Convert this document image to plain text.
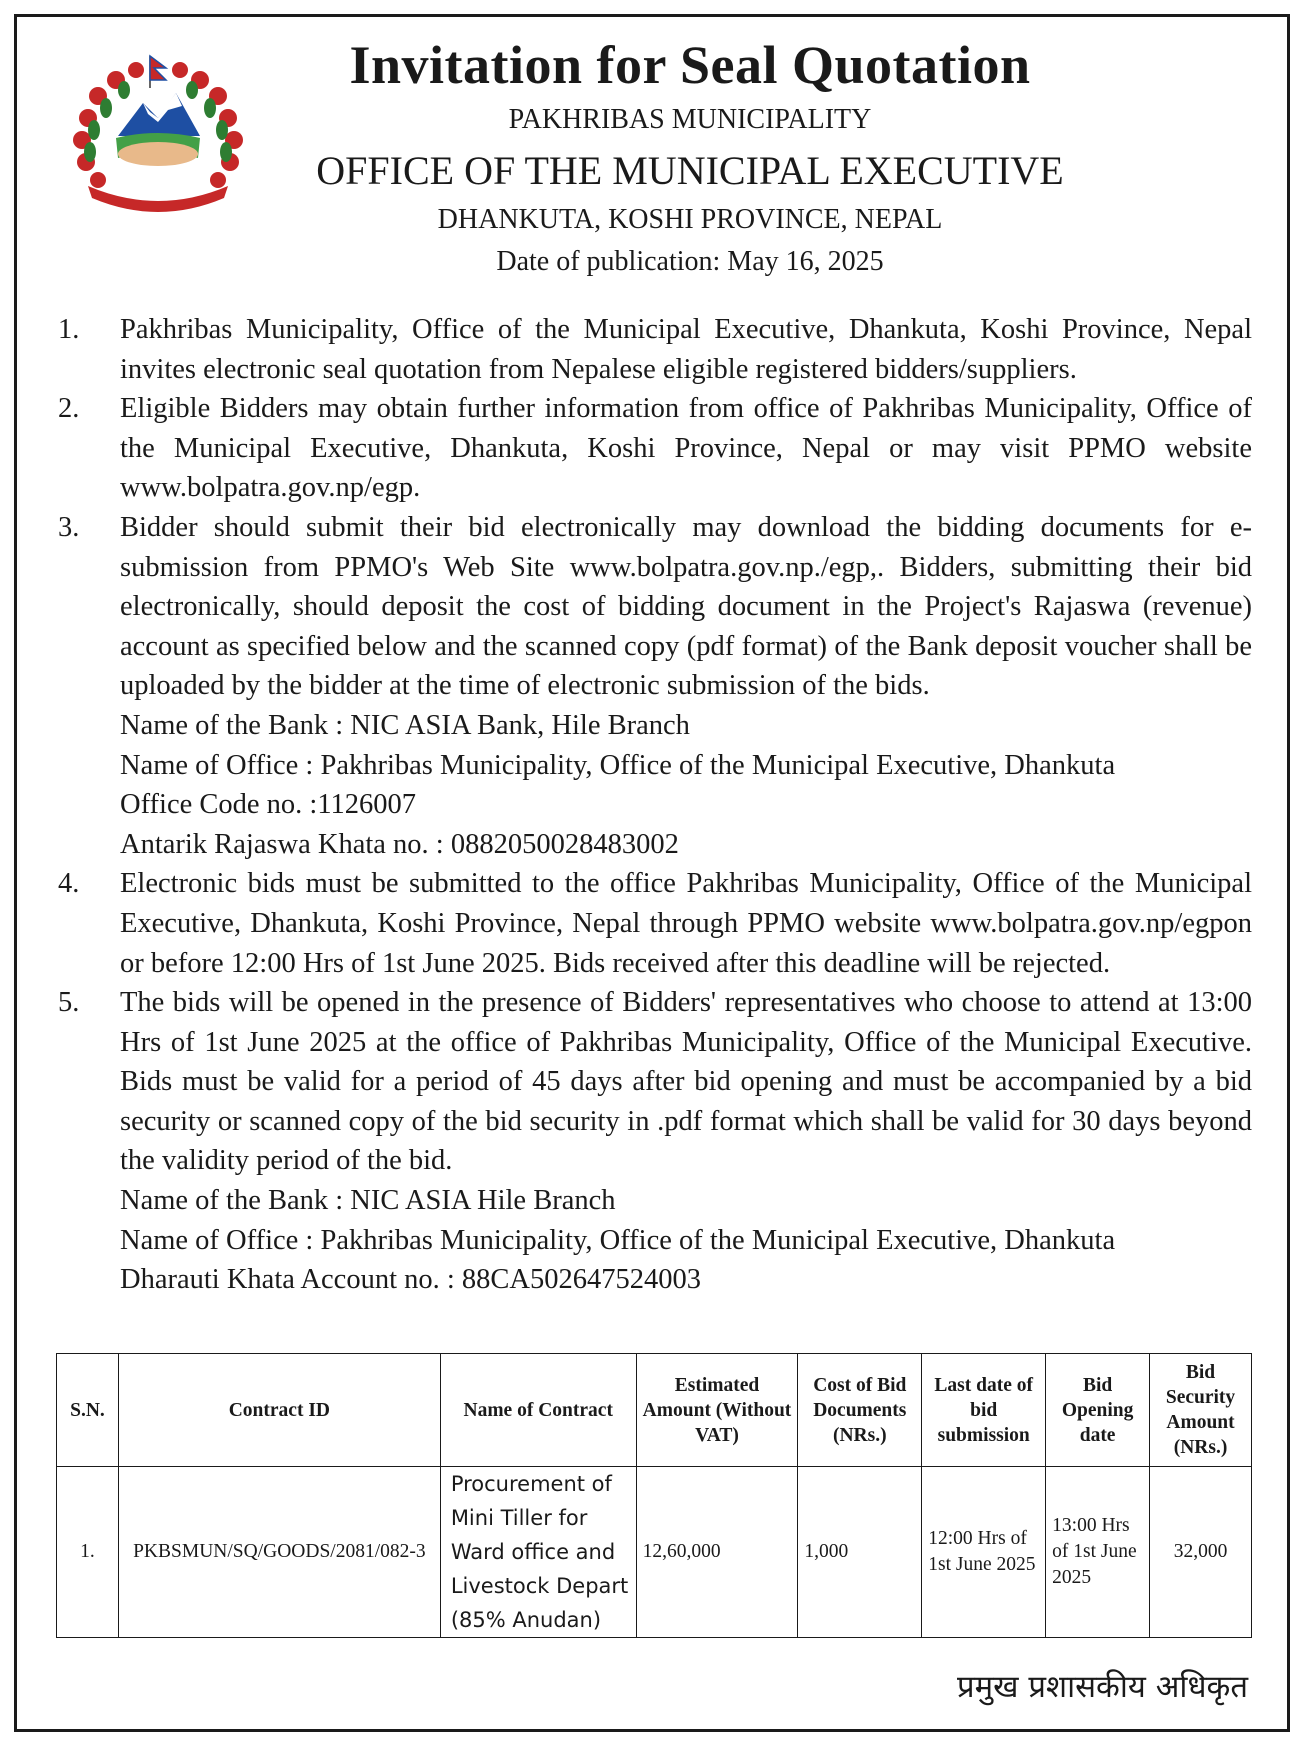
Invitation for Seal Quotation
PAKHRIBAS MUNICIPALITY
OFFICE OF THE MUNICIPAL EXECUTIVE
DHANKUTA, KOSHI PROVINCE, NEPAL
Date of publication: May 16, 2025
1. Pakhribas Municipality, Office of the Municipal Executive, Dhankuta, Koshi Province, Nepal invites electronic seal quotation from Nepalese eligible registered bidders/suppliers.
2. Eligible Bidders may obtain further information from office of Pakhribas Municipality, Office of the Municipal Executive, Dhankuta, Koshi Province, Nepal or may visit PPMO website www.bolpatra.gov.np/egp.
3. Bidder should submit their bid electronically may download the bidding documents for e-submission from PPMO's Web Site www.bolpatra.gov.np./egp,. Bidders, submitting their bid electronically, should deposit the cost of bidding document in the Project's Rajaswa (revenue) account as specified below and the scanned copy (pdf format) of the Bank deposit voucher shall be uploaded by the bidder at the time of electronic submission of the bids.
Name of the Bank : NIC ASIA Bank, Hile Branch
Name of Office : Pakhribas Municipality, Office of the Municipal Executive, Dhankuta
Office Code no. :1126007
Antarik Rajaswa Khata no. : 0882050028483002
4. Electronic bids must be submitted to the office Pakhribas Municipality, Office of the Municipal Executive, Dhankuta, Koshi Province, Nepal through PPMO website www.bolpatra.gov.np/egpon or before 12:00 Hrs of 1st June 2025. Bids received after this deadline will be rejected.
5. The bids will be opened in the presence of Bidders' representatives who choose to attend at 13:00 Hrs of 1st June 2025 at the office of Pakhribas Municipality, Office of the Municipal Executive. Bids must be valid for a period of 45 days after bid opening and must be accompanied by a bid security or scanned copy of the bid security in .pdf format which shall be valid for 30 days beyond the validity period of the bid.
Name of the Bank : NIC ASIA Hile Branch
Name of Office : Pakhribas Municipality, Office of the Municipal Executive, Dhankuta
Dharauti Khata Account no. : 88CA502647524003
S.N.	Contract ID	Name of Contract	Estimated Amount (Without VAT)	Cost of Bid Documents (NRs.)	Last date of bid submission	Bid Opening date	Bid Security Amount (NRs.)
1.	PKBSMUN/SQ/GOODS/2081/082-3	Procurement of Mini Tiller for Ward office and Livestock Depart (85% Anudan)	12,60,000	1,000	12:00 Hrs of 1st June 2025	13:00 Hrs of 1st June 2025	32,000
प्रमुख प्रशासकीय अधिकृत
